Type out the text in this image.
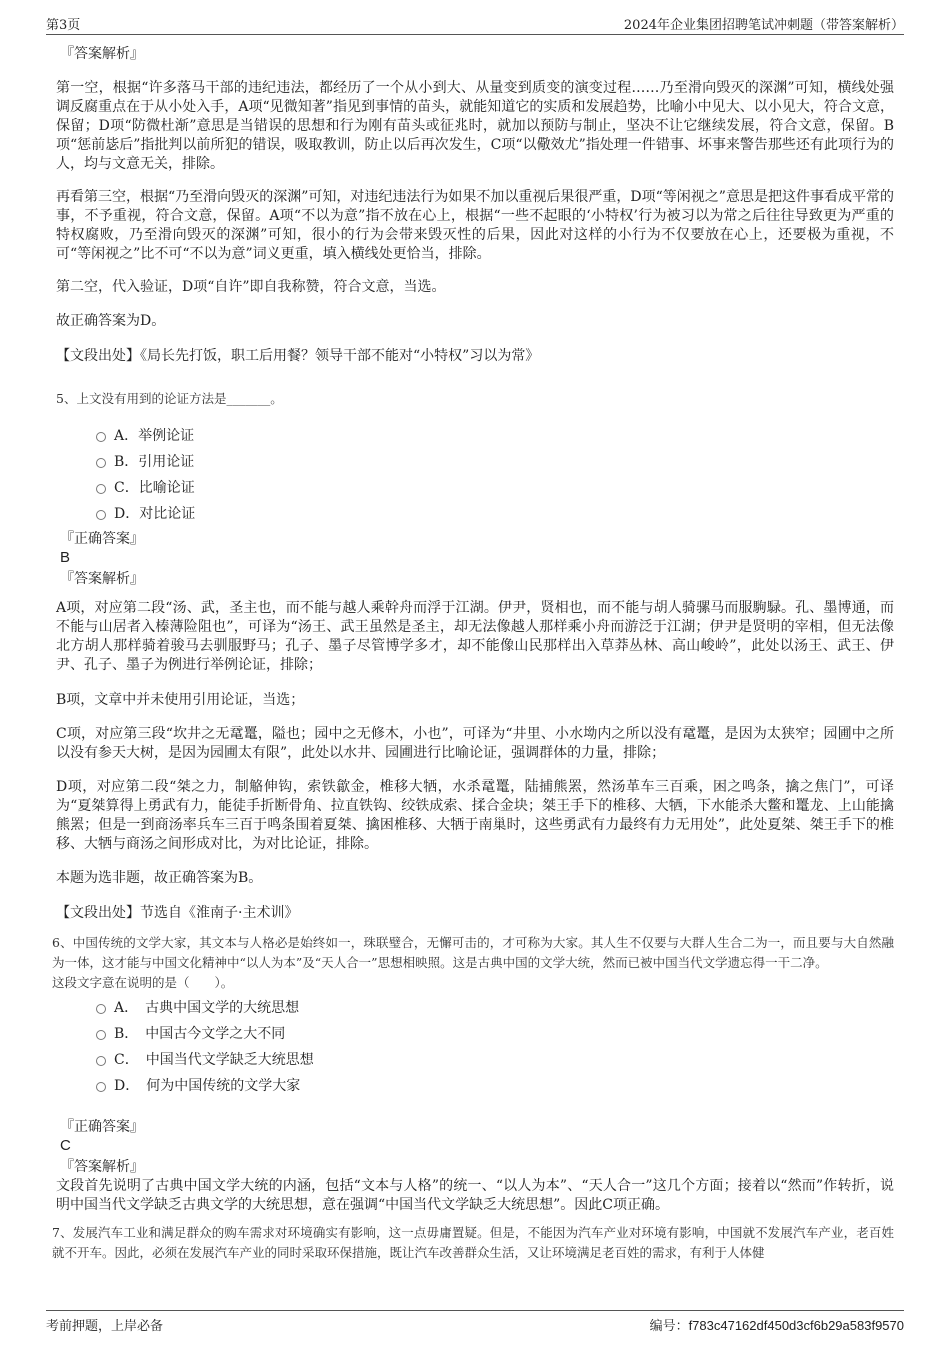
第3页	2024年企业集团招聘笔试冲刺题（带答案解析）

『答案解析』

第一空，根据“许多落马干部的违纪违法，都经历了一个从小到大、从量变到质变的演变过程……乃至滑向毁灭的深渊”可知，横线处强调反腐重点在于从小处入手，A项“见微知著”指见到事情的苗头，就能知道它的实质和发展趋势，比喻小中见大、以小见大，符合文意，保留；D项“防微杜渐”意思是当错误的思想和行为刚有苗头或征兆时，就加以预防与制止，坚决不让它继续发展，符合文意，保留。B项“惩前毖后”指批判以前所犯的错误，吸取教训，防止以后再次发生，C项“以儆效尤”指处理一件错事、坏事来警告那些还有此项行为的人，均与文意无关，排除。

再看第三空，根据“乃至滑向毁灭的深渊”可知，对违纪违法行为如果不加以重视后果很严重，D项“等闲视之”意思是把这件事看成平常的事，不予重视，符合文意，保留。A项“不以为意”指不放在心上，根据“一些不起眼的‘小特权’行为被习以为常之后往往导致更为严重的特权腐败，乃至滑向毁灭的深渊”可知，很小的行为会带来毁灭性的后果，因此对这样的小行为不仅要放在心上，还要极为重视，不可“等闲视之”比不可“不以为意”词义更重，填入横线处更恰当，排除。

第二空，代入验证，D项“自许”即自我称赞，符合文意，当选。

故正确答案为D。

【文段出处】《局长先打饭，职工后用餐？领导干部不能对“小特权”习以为常》

5、上文没有用到的论证方法是_______。

A．举例论证
B．引用论证
C．比喻论证
D．对比论证

『正确答案』

B

『答案解析』

A项，对应第二段“汤、武，圣主也，而不能与越人乘幹舟而浮于江湖。伊尹，贤相也，而不能与胡人骑骡马而服駒騄。孔、墨博通，而不能与山居者入榛薄险阻也”，可译为“汤王、武王虽然是圣主，却无法像越人那样乘小舟而游泛于江湖；伊尹是贤明的宰相，但无法像北方胡人那样骑着骏马去驯服野马；孔子、墨子尽管博学多才，却不能像山民那样出入草莽丛林、高山峻岭”，此处以汤王、武王、伊尹、孔子、墨子为例进行举例论证，排除；

B项，文章中并未使用引用论证，当选；

C项，对应第三段“坎井之无鼋鼍，隘也；园中之无修木，小也”，可译为“井里、小水坳内之所以没有鼋鼍，是因为太狭窄；园圃中之所以没有参天大树，是因为园圃太有限”，此处以水井、园圃进行比喻论证，强调群体的力量，排除；

D项，对应第二段“桀之力，制觡伸钩，索铁歙金，椎移大牺，水杀鼋鼍，陆捕熊罴，然汤革车三百乘，困之鸣条，擒之焦门”，可译为“夏桀算得上勇武有力，能徒手折断骨角、拉直铁钩、绞铁成索、揉合金块；桀王手下的椎移、大牺，下水能杀大鳖和鼍龙、上山能擒熊罴；但是一到商汤率兵车三百于鸣条围着夏桀、擒困椎移、大牺于南巢时，这些勇武有力最终有力无用处”，此处夏桀、桀王手下的椎移、大牺与商汤之间形成对比，为对比论证，排除。

本题为选非题，故正确答案为B。

【文段出处】节选自《淮南子·主术训》

6、中国传统的文学大家，其文本与人格必是始终如一，珠联璧合，无懈可击的，才可称为大家。其人生不仅要与大群人生合二为一，而且要与大自然融为一体，这才能与中国文化精神中“以人为本”及“天人合一”思想相映照。这是古典中国的文学大统，然而已被中国当代文学遗忘得一干二净。

这段文字意在说明的是（　　）。

A．　古典中国文学的大统思想
B．　中国古今文学之大不同
C．　中国当代文学缺乏大统思想
D．　何为中国传统的文学大家

『正确答案』

C

『答案解析』

文段首先说明了古典中国文学大统的内涵，包括“文本与人格”的统一、“以人为本”、“天人合一”这几个方面；接着以“然而”作转折，说明中国当代文学缺乏古典文学的大统思想，意在强调“中国当代文学缺乏大统思想”。因此C项正确。

7、发展汽车工业和满足群众的购车需求对环境确实有影响，这一点毋庸置疑。但是，不能因为汽车产业对环境有影响，中国就不发展汽车产业，老百姓就不开车。因此，必须在发展汽车产业的同时采取环保措施，既让汽车改善群众生活，又让环境满足老百姓的需求，有利于人体健

考前押题，上岸必备	编号：f783c47162df450d3cf6b29a583f9570
